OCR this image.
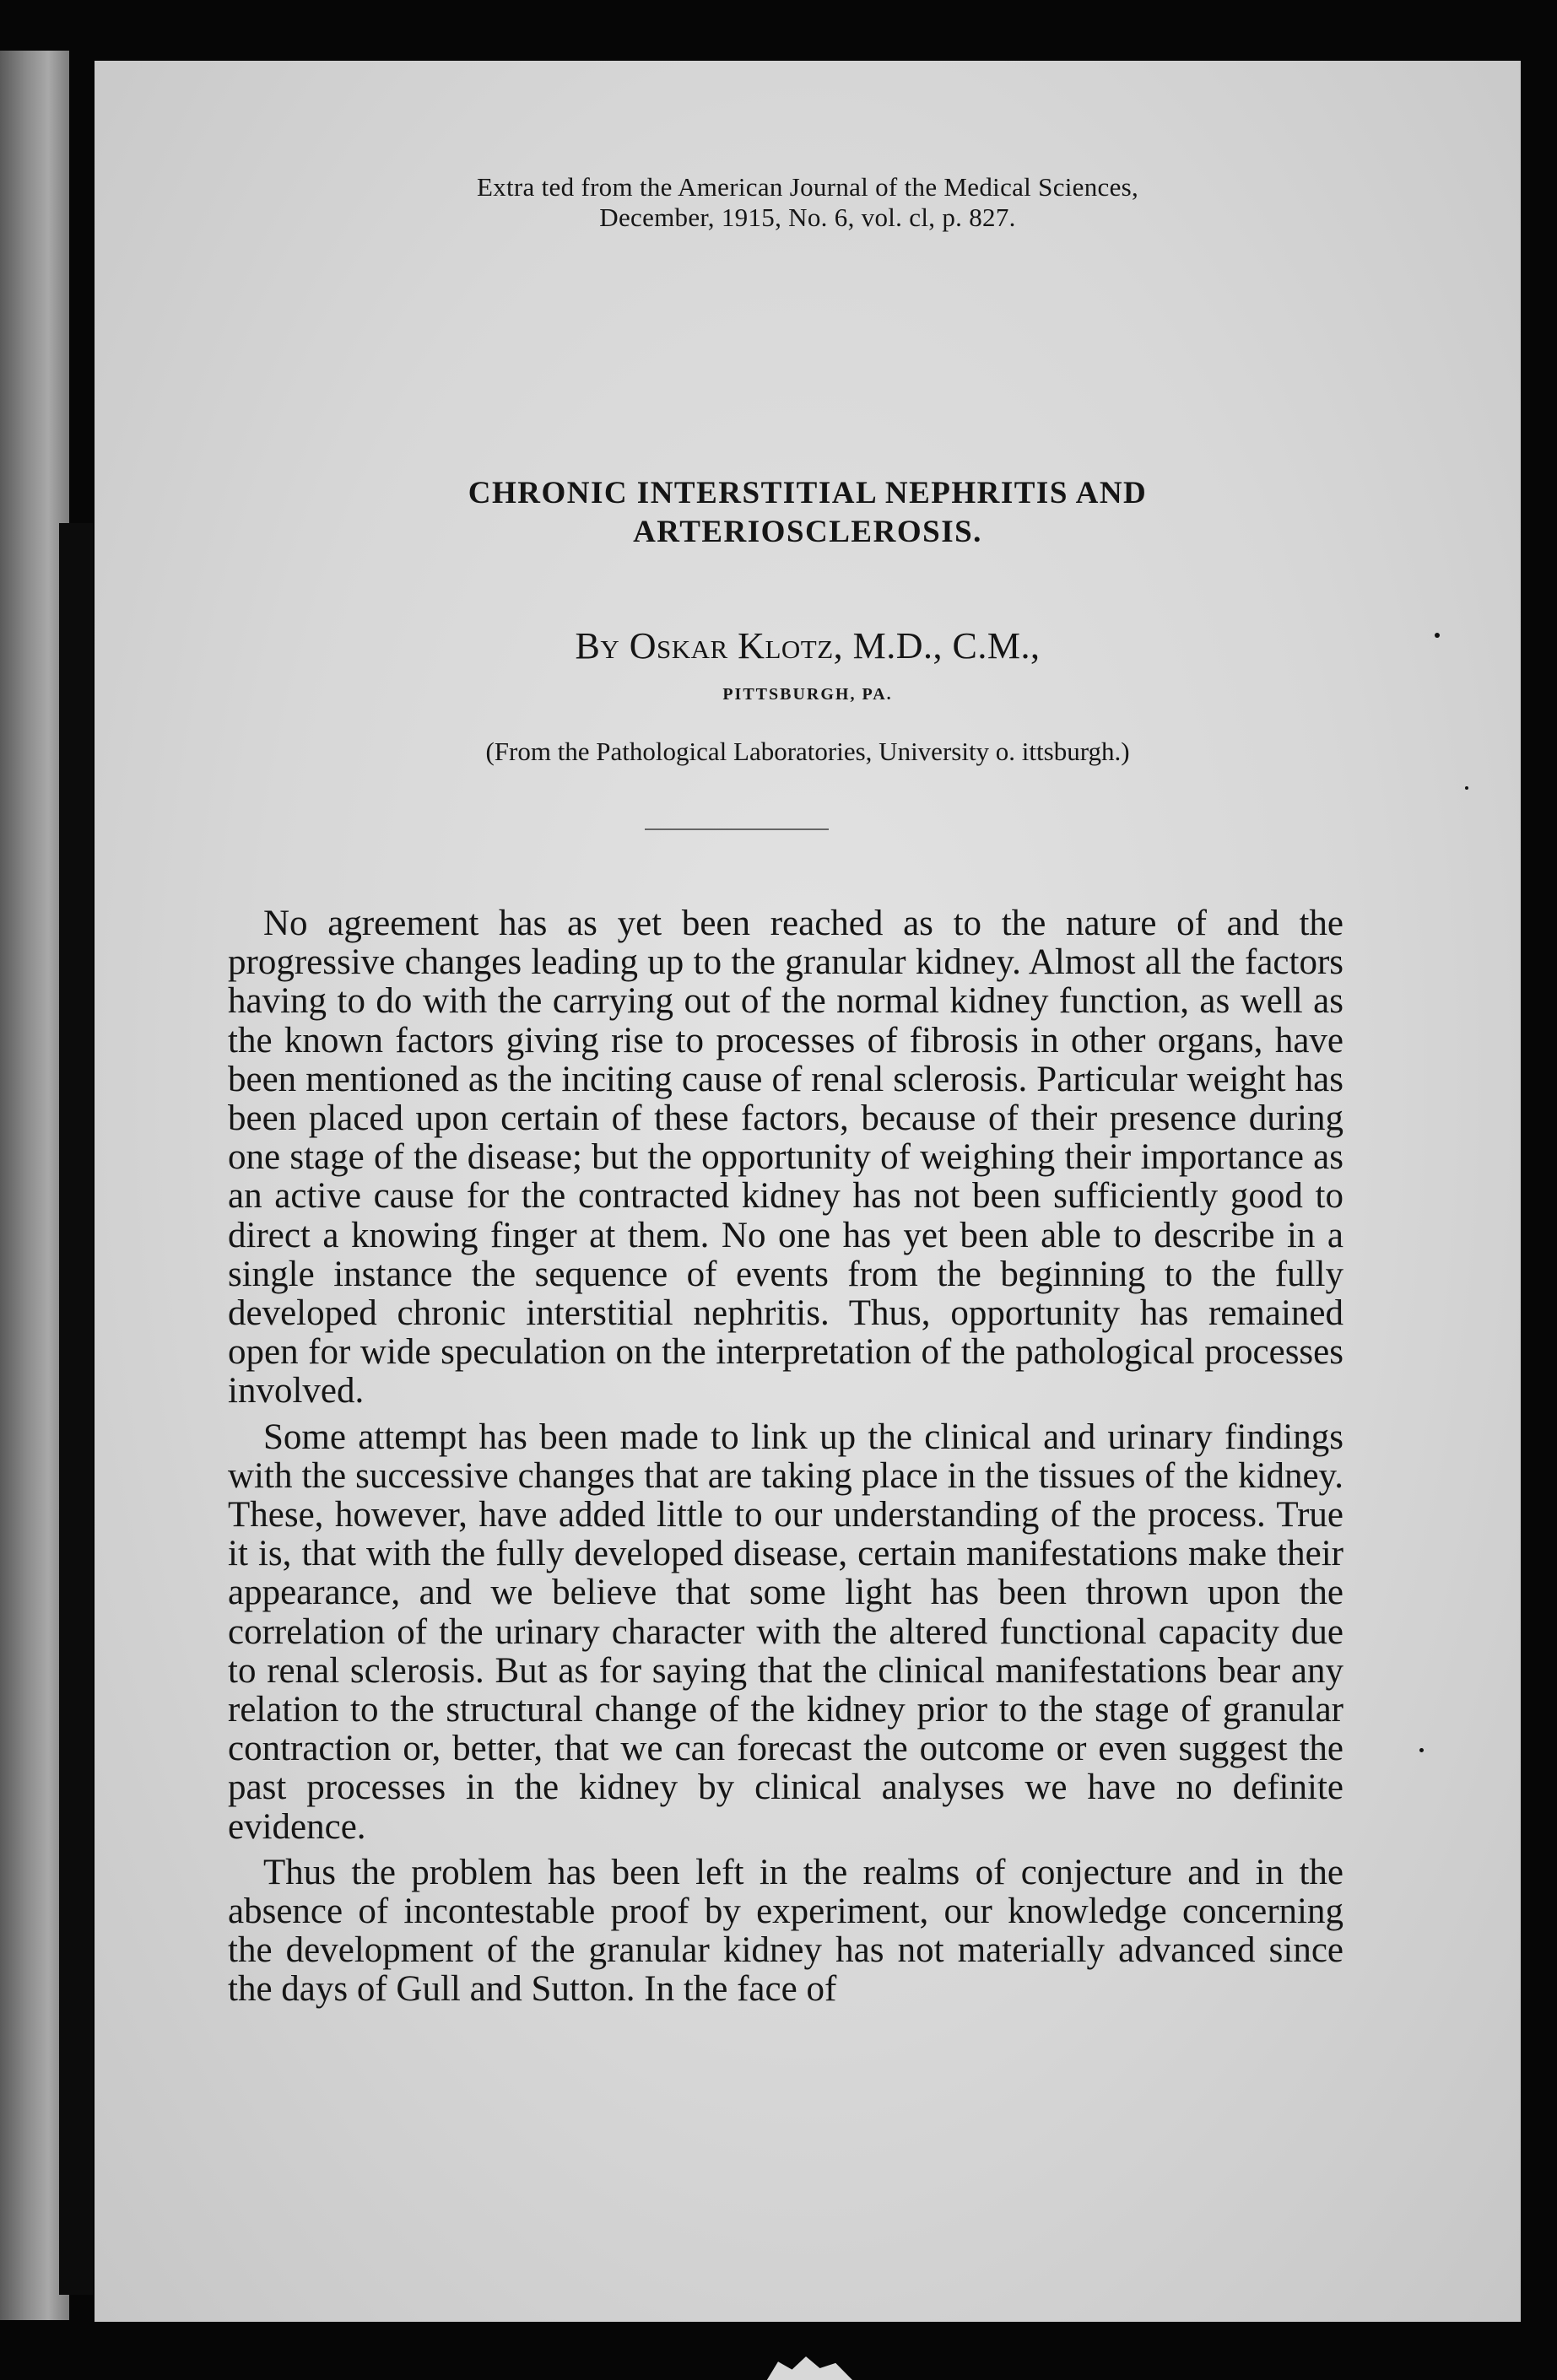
Extra ted from the American Journal of the Medical Sciences,
December, 1915, No. 6, vol. cl, p. 827.
CHRONIC INTERSTITIAL NEPHRITIS AND
ARTERIOSCLEROSIS.
By Oskar Klotz, M.D., C.M.,
PITTSBURGH, PA.
(From the Pathological Laboratories, University o. ittsburgh.)

No agreement has as yet been reached as to the nature of and the progressive changes leading up to the granular kidney. Almost all the factors having to do with the carrying out of the normal kidney function, as well as the known factors giving rise to processes of fibrosis in other organs, have been mentioned as the inciting cause of renal sclerosis. Particular weight has been placed upon certain of these factors, because of their presence during one stage of the disease; but the opportunity of weighing their importance as an active cause for the contracted kidney has not been sufficiently good to direct a knowing finger at them. No one has yet been able to describe in a single instance the sequence of events from the beginning to the fully developed chronic interstitial nephritis. Thus, opportunity has remained open for wide speculation on the interpretation of the pathological processes involved.

Some attempt has been made to link up the clinical and urinary findings with the successive changes that are taking place in the tissues of the kidney. These, however, have added little to our understanding of the process. True it is, that with the fully developed disease, certain manifestations make their appearance, and we believe that some light has been thrown upon the correlation of the urinary character with the altered functional capacity due to renal sclerosis. But as for saying that the clinical manifestations bear any relation to the structural change of the kidney prior to the stage of granular contraction or, better, that we can forecast the outcome or even suggest the past processes in the kidney by clinical analyses we have no definite evidence.

Thus the problem has been left in the realms of conjecture and in the absence of incontestable proof by experiment, our knowledge concerning the development of the granular kidney has not materially advanced since the days of Gull and Sutton. In the face of
